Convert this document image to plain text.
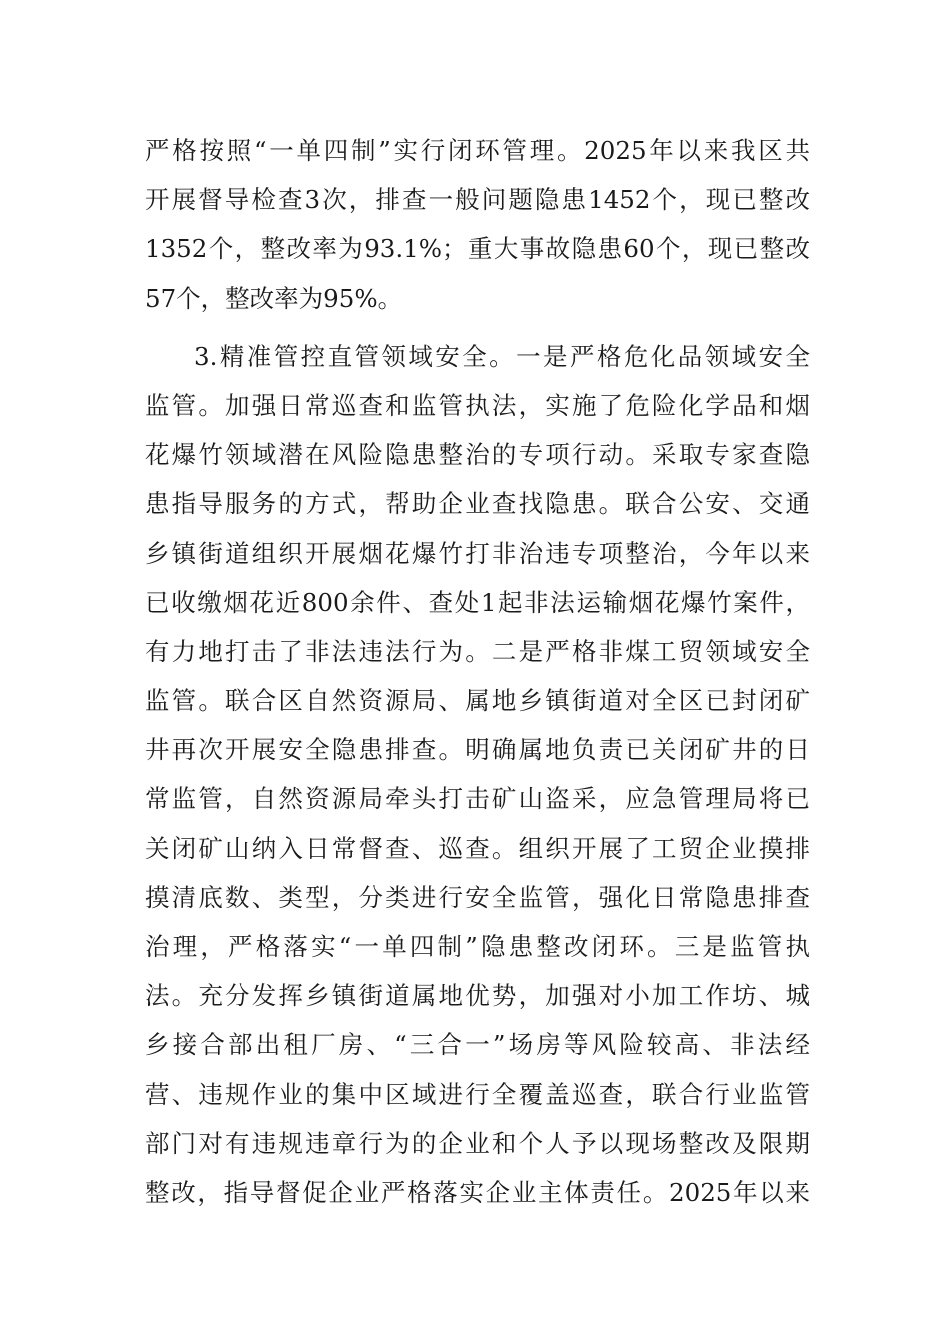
严格按照“一单四制”实行闭环管理。2025年以来我区共
开展督导检查3次，排查一般问题隐患1452个，现已整改
1352个，整改率为93.1%；重大事故隐患60个，现已整改
57个，整改率为95%。
3.精准管控直管领域安全。一是严格危化品领域安全
监管。加强日常巡查和监管执法，实施了危险化学品和烟
花爆竹领域潜在风险隐患整治的专项行动。采取专家查隐
患指导服务的方式，帮助企业查找隐患。联合公安、交通
乡镇街道组织开展烟花爆竹打非治违专项整治，今年以来
已收缴烟花近800余件、查处1起非法运输烟花爆竹案件，
有力地打击了非法违法行为。二是严格非煤工贸领域安全
监管。联合区自然资源局、属地乡镇街道对全区已封闭矿
井再次开展安全隐患排查。明确属地负责已关闭矿井的日
常监管，自然资源局牵头打击矿山盗采，应急管理局将已
关闭矿山纳入日常督查、巡查。组织开展了工贸企业摸排
摸清底数、类型，分类进行安全监管，强化日常隐患排查
治理，严格落实“一单四制”隐患整改闭环。三是监管执
法。充分发挥乡镇街道属地优势，加强对小加工作坊、城
乡接合部出租厂房、“三合一”场房等风险较高、非法经
营、违规作业的集中区域进行全覆盖巡查，联合行业监管
部门对有违规违章行为的企业和个人予以现场整改及限期
整改，指导督促企业严格落实企业主体责任。2025年以来
